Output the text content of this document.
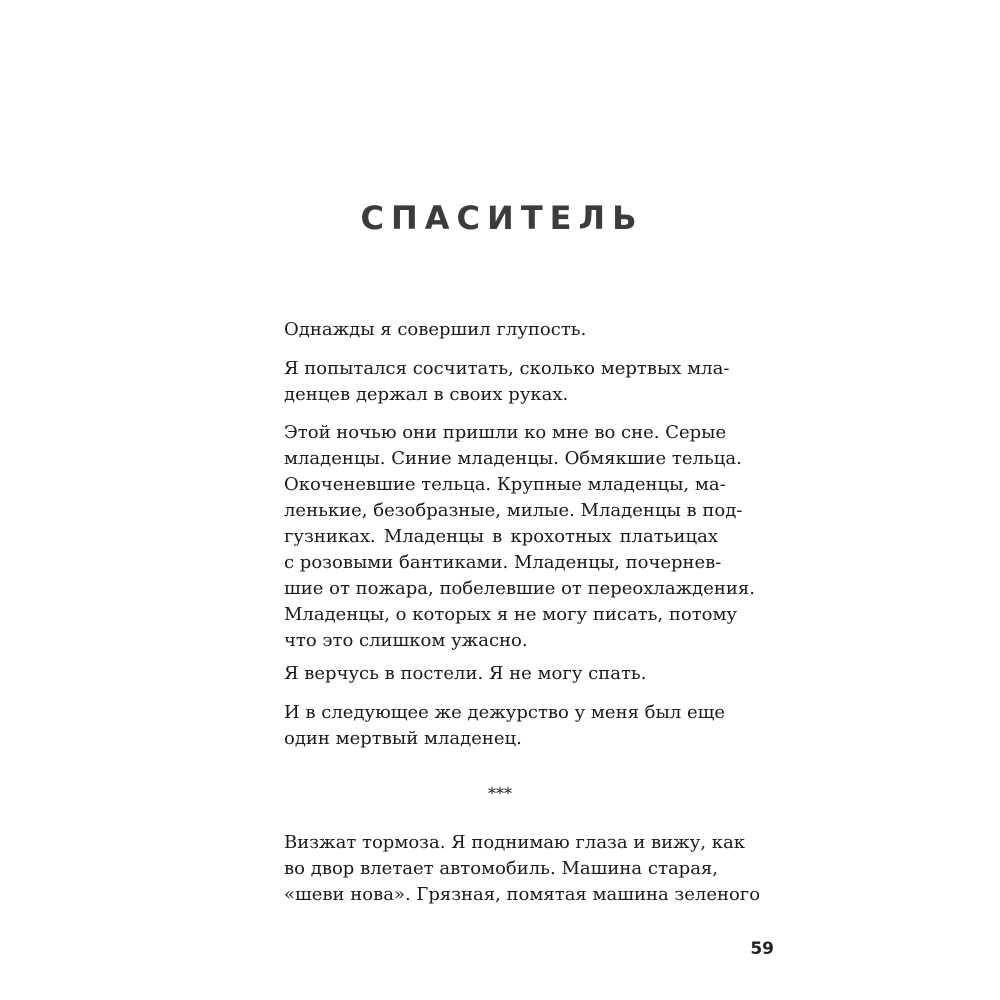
СПАСИТЕЛЬ
Однажды я совершил глупость.
Я попытался сосчитать, сколько мертвых мла-
денцев держал в своих руках.
Этой ночью они пришли ко мне во сне. Серые
младенцы. Синие младенцы. Обмякшие тельца.
Окоченевшие тельца. Крупные младенцы, ма-
ленькие, безобразные, милые. Младенцы в под-
гузниках. Младенцы в крохотных платьицах
с розовыми бантиками. Младенцы, почернев-
шие от пожара, побелевшие от переохлаждения.
Младенцы, о которых я не могу писать, потому
что это слишком ужасно.
Я верчусь в постели. Я не могу спать.
И в следующее же дежурство у меня был еще
один мертвый младенец.
***
Визжат тормоза. Я поднимаю глаза и вижу, как
во двор влетает автомобиль. Машина старая,
«шеви нова». Грязная, помятая машина зеленого
59
